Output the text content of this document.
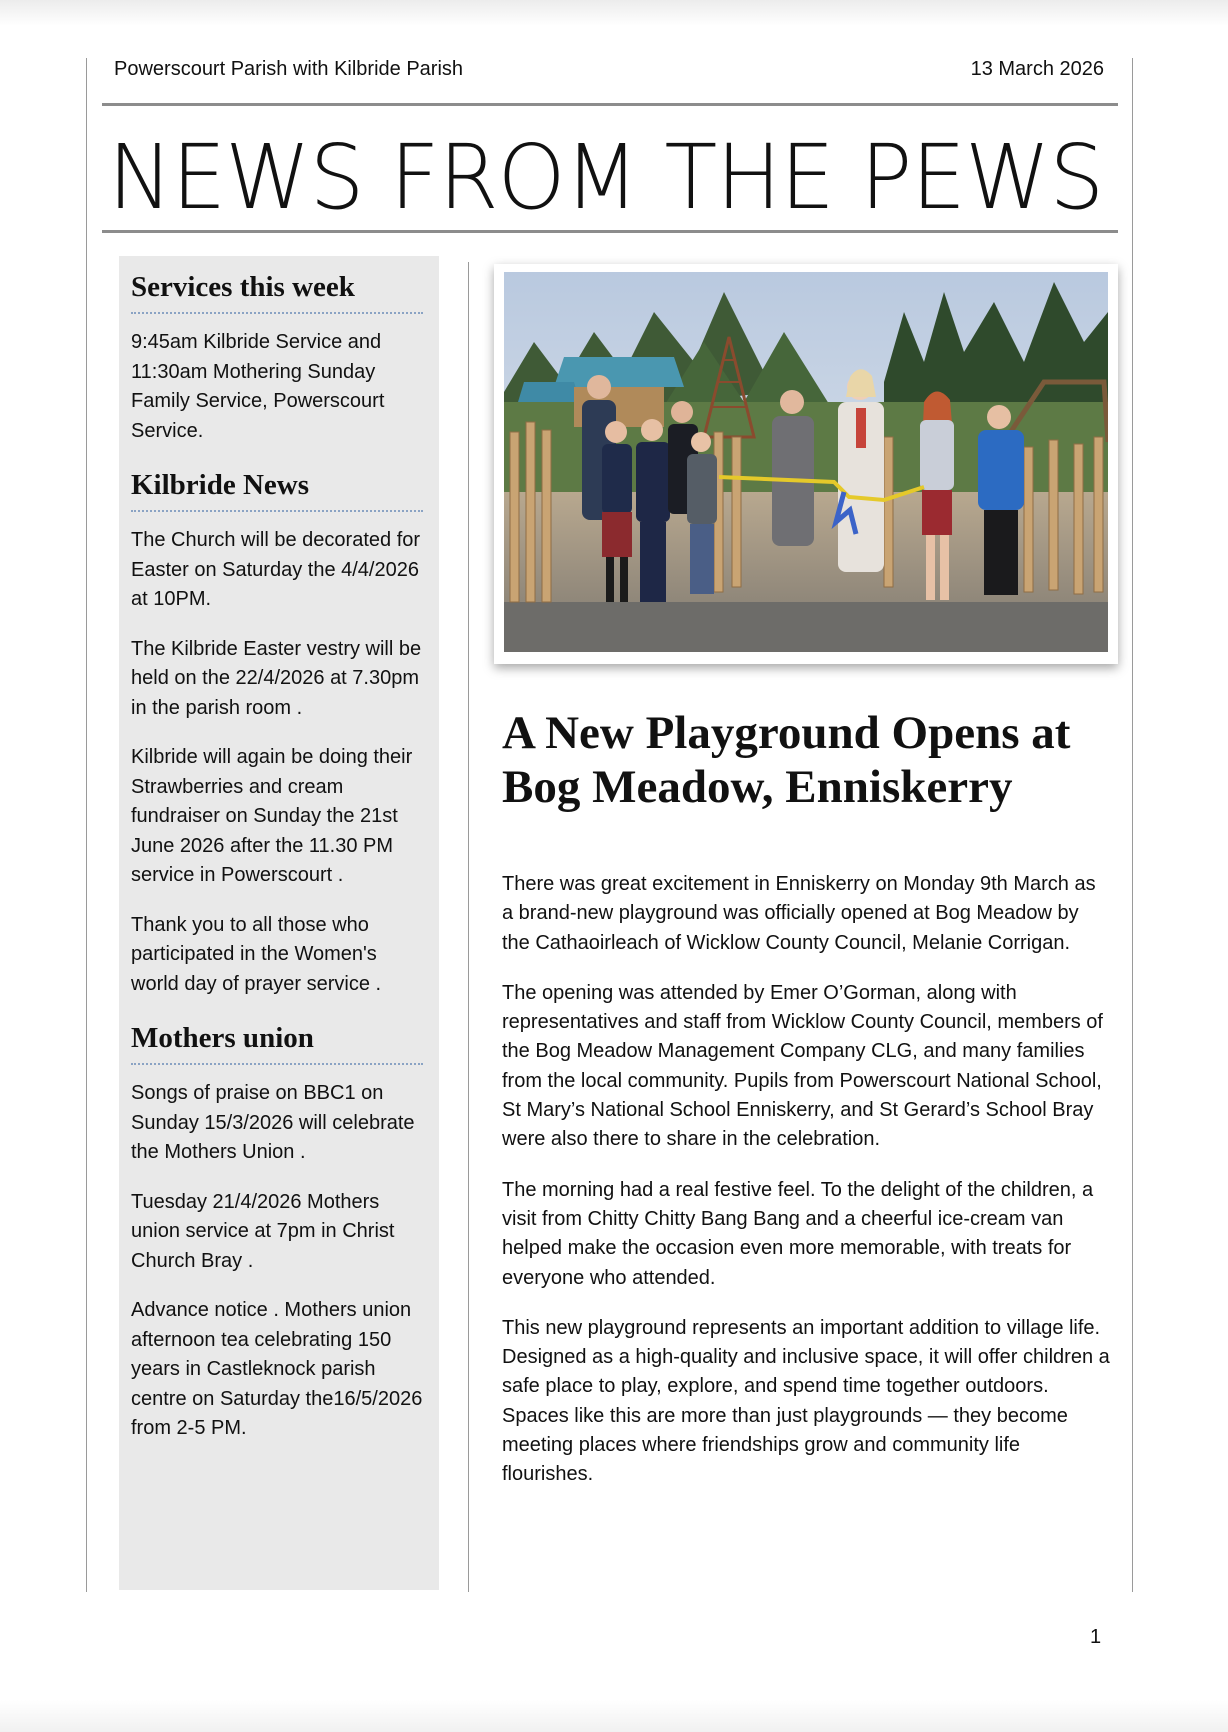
Powerscourt Parish with Kilbride Parish	13 March 2026
NEWS FROM THE PEWS
Services this week

9:45am Kilbride Service and 11:30am Mothering Sunday Family Service, Powerscourt Service.

Kilbride News

The Church will be decorated for Easter on Saturday the 4/4/2026 at 10PM.

The Kilbride Easter vestry will be held on the 22/4/2026 at 7.30pm in the parish room .

Kilbride will again be doing their Strawberries and cream fundraiser on Sunday the 21st June 2026 after the 11.30 PM service in Powerscourt .

Thank you to all those who participated in the Women's world day of prayer service .

Mothers union

Songs of praise on BBC1 on Sunday 15/3/2026 will celebrate the Mothers Union .

Tuesday 21/4/2026 Mothers union service at 7pm in Christ Church Bray .

Advance notice . Mothers union afternoon tea celebrating 150 years in Castleknock parish centre on Saturday the16/5/2026 from 2-5 PM.

A New Playground Opens at Bog Meadow, Enniskerry

There was great excitement in Enniskerry on Monday 9th March as a brand-new playground was officially opened at Bog Meadow by the Cathaoirleach of Wicklow County Council, Melanie Corrigan.

The opening was attended by Emer O’Gorman, along with representatives and staff from Wicklow County Council, members of the Bog Meadow Management Company CLG, and many families from the local community. Pupils from Powerscourt National School, St Mary’s National School Enniskerry, and St Gerard’s School Bray were also there to share in the celebration.

The morning had a real festive feel. To the delight of the children, a visit from Chitty Chitty Bang Bang and a cheerful ice-cream van helped make the occasion even more memorable, with treats for everyone who attended.

This new playground represents an important addition to village life. Designed as a high-quality and inclusive space, it will offer children a safe place to play, explore, and spend time together outdoors. Spaces like this are more than just playgrounds — they become meeting places where friendships grow and community life flourishes.

1
